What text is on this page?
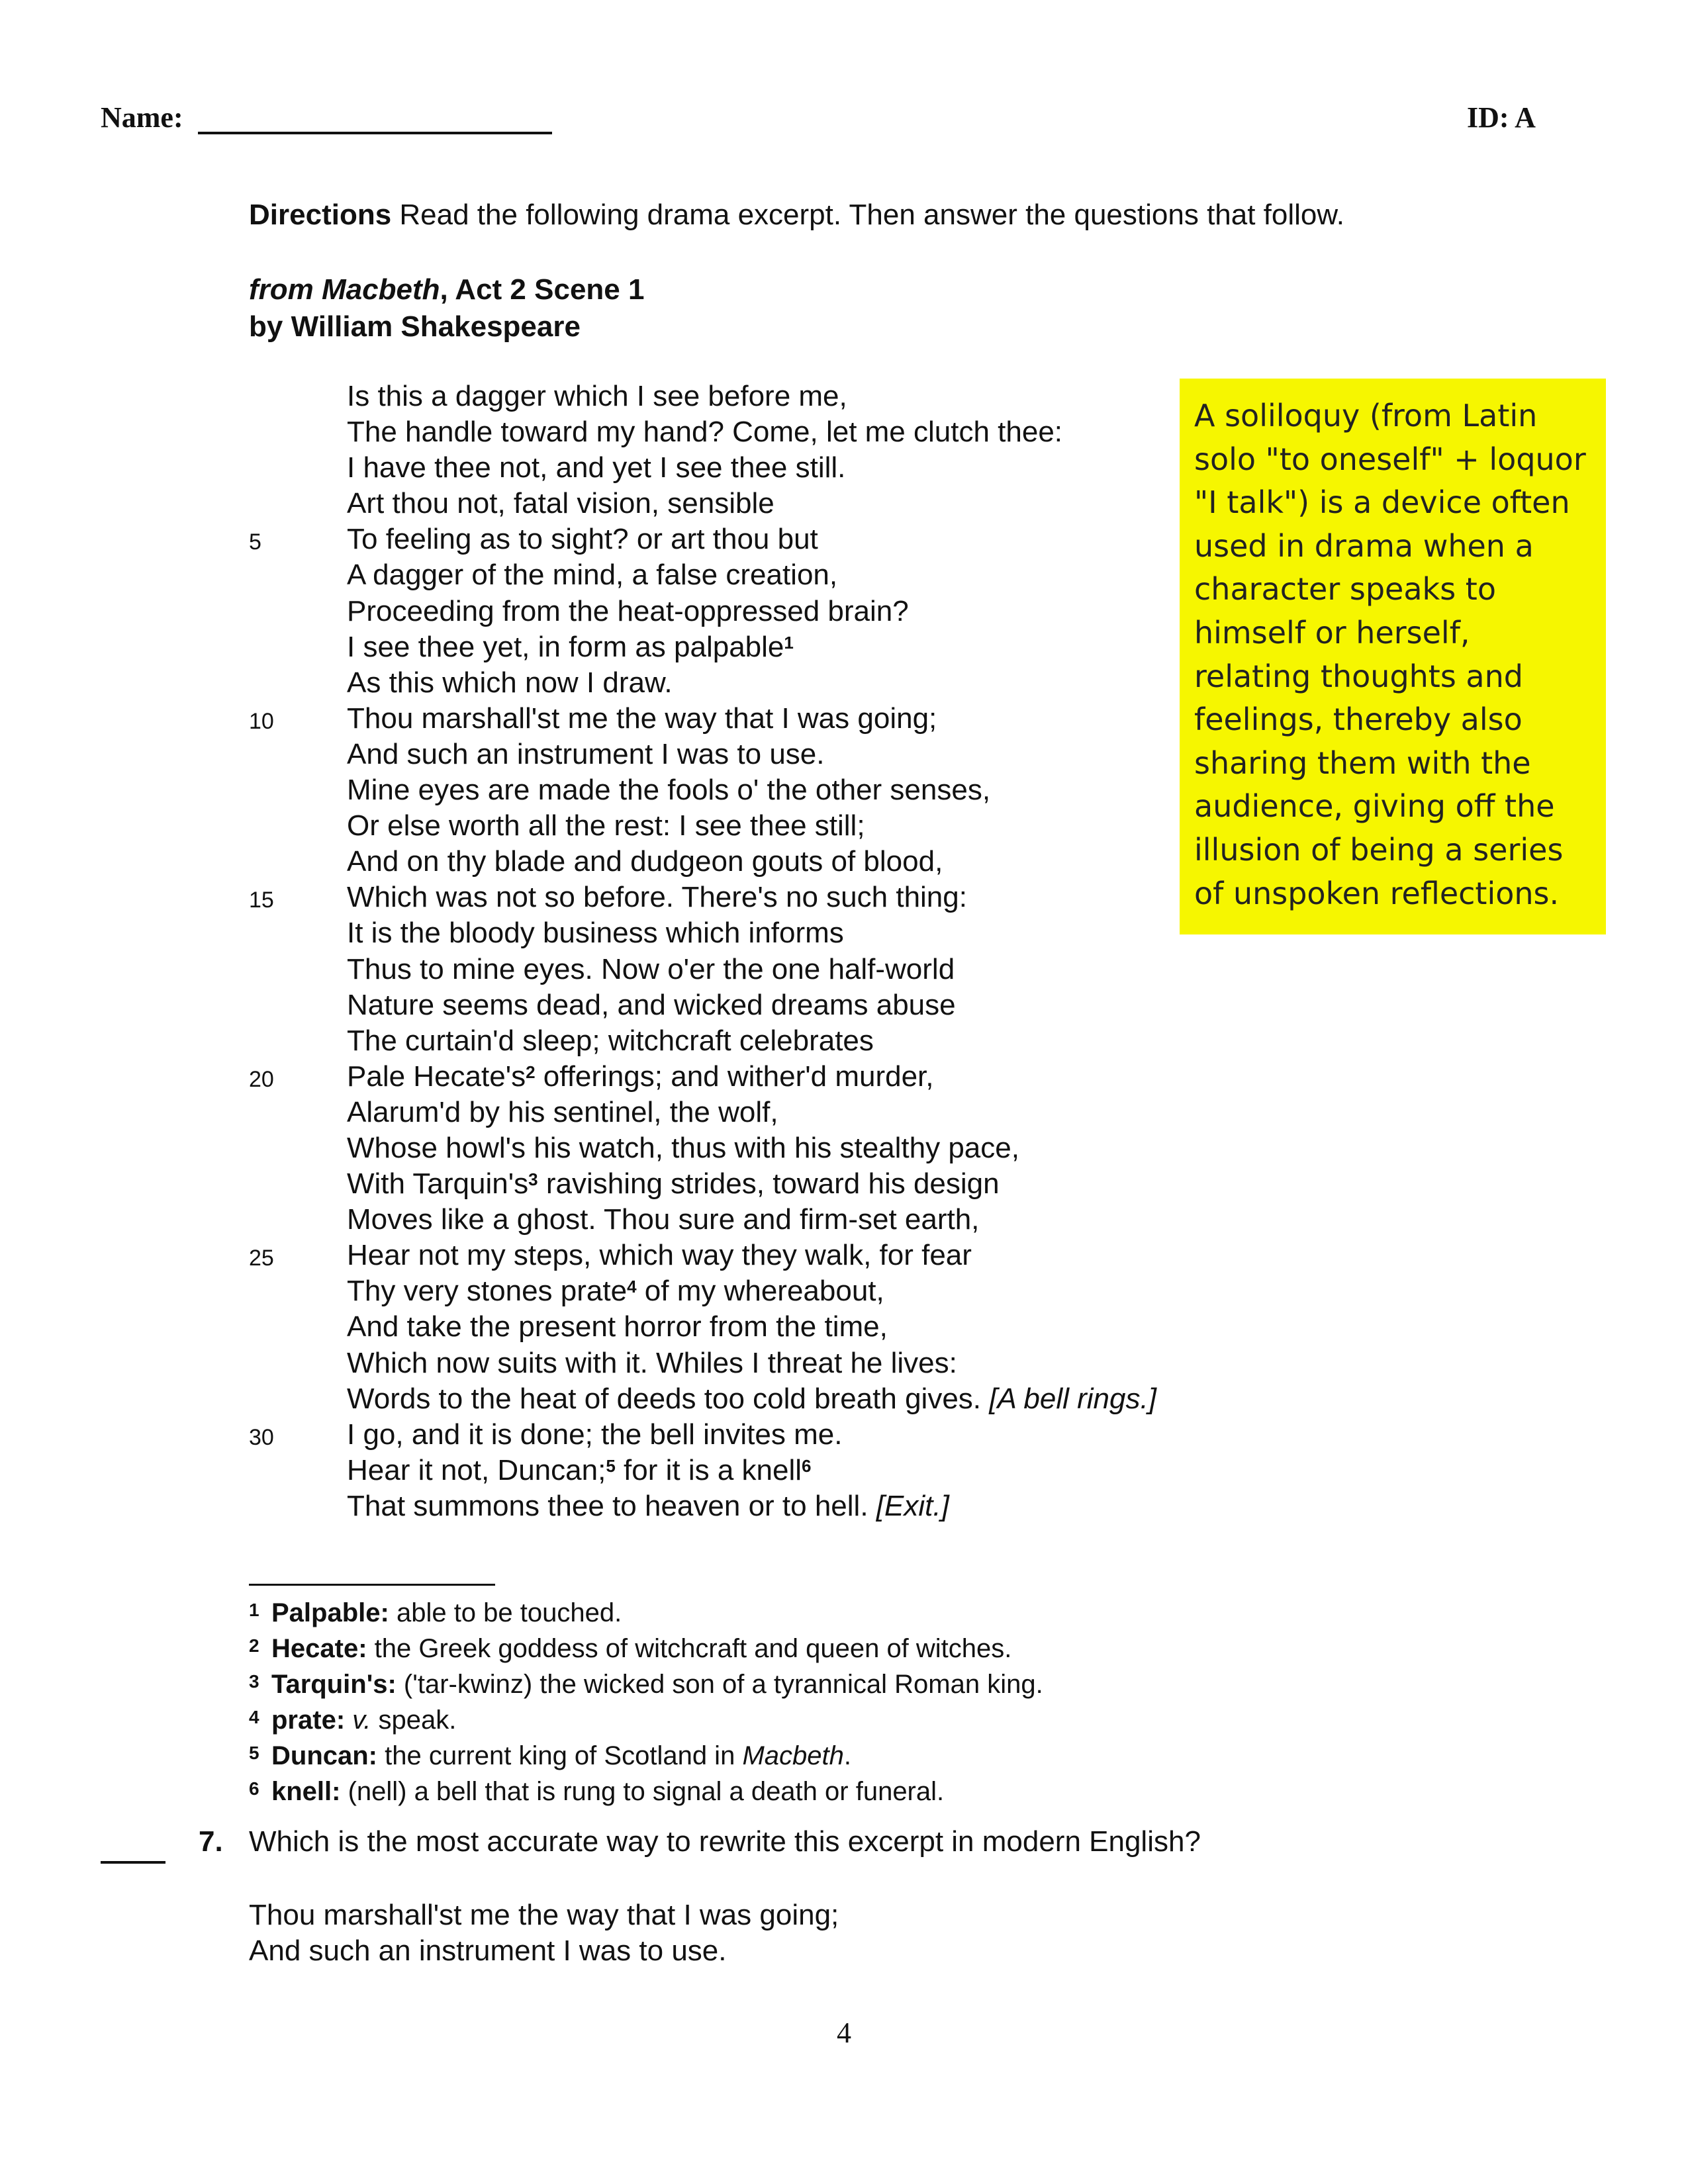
Name:	ID: A
Directions Read the following drama excerpt. Then answer the questions that follow.
from Macbeth, Act 2 Scene 1
by William Shakespeare
Is this a dagger which I see before me,
The handle toward my hand? Come, let me clutch thee:
I have thee not, and yet I see thee still.
Art thou not, fatal vision, sensible
5	To feeling as to sight? or art thou but
A dagger of the mind, a false creation,
Proceeding from the heat-oppressed brain?
I see thee yet, in form as palpable$^1$
As this which now I draw.
10	Thou marshall'st me the way that I was going;
And such an instrument I was to use.
Mine eyes are made the fools o' the other senses,
Or else worth all the rest: I see thee still;
And on thy blade and dudgeon gouts of blood,
15	Which was not so before. There's no such thing:
It is the bloody business which informs
Thus to mine eyes. Now o'er the one half-world
Nature seems dead, and wicked dreams abuse
The curtain'd sleep; witchcraft celebrates
20	Pale $Hecate's^2$ offerings; and wither'd murder,
Alarum'd by his sentinel, the wolf,
Whose howl's his watch, thus with his stealthy pace,
With $Tarquin's^3$ ravishing strides, toward his design
Moves like a ghost. Thou sure and firm-set earth,
25	Hear not my steps, which way they walk, for fear
Thy very stones prate$^4$ of my whereabout,
And take the present horror from the time,
Which now suits with it. Whiles I threat he lives:
Words to the heat of deeds too cold breath gives. [A bell rings.]
30	I go, and it is done; the bell invites me.
Hear it not, Duncan;$^5$ for it is a knell$^6$
That summons thee to heaven or to hell. [Exit.]
A soliloquy (from Latin solo "to oneself" + loquor "I talk") is a device often used in drama when a character speaks to himself or herself, relating thoughts and feelings, thereby also sharing them with the audience, giving off the illusion of being a series of unspoken reflections.
1 Palpable: able to be touched.
2 Hecate: the Greek goddess of witchcraft and queen of witches.
3 Tarquin's: ('tar-kwinz) the wicked son of a tyrannical Roman king.
4 prate: v. speak.
5 Duncan: the current king of Scotland in Macbeth.
6 knell: (nell) a bell that is rung to signal a death or funeral.
7. Which is the most accurate way to rewrite this excerpt in modern English?
Thou marshall'st me the way that I was going;
And such an instrument I was to use.
4
